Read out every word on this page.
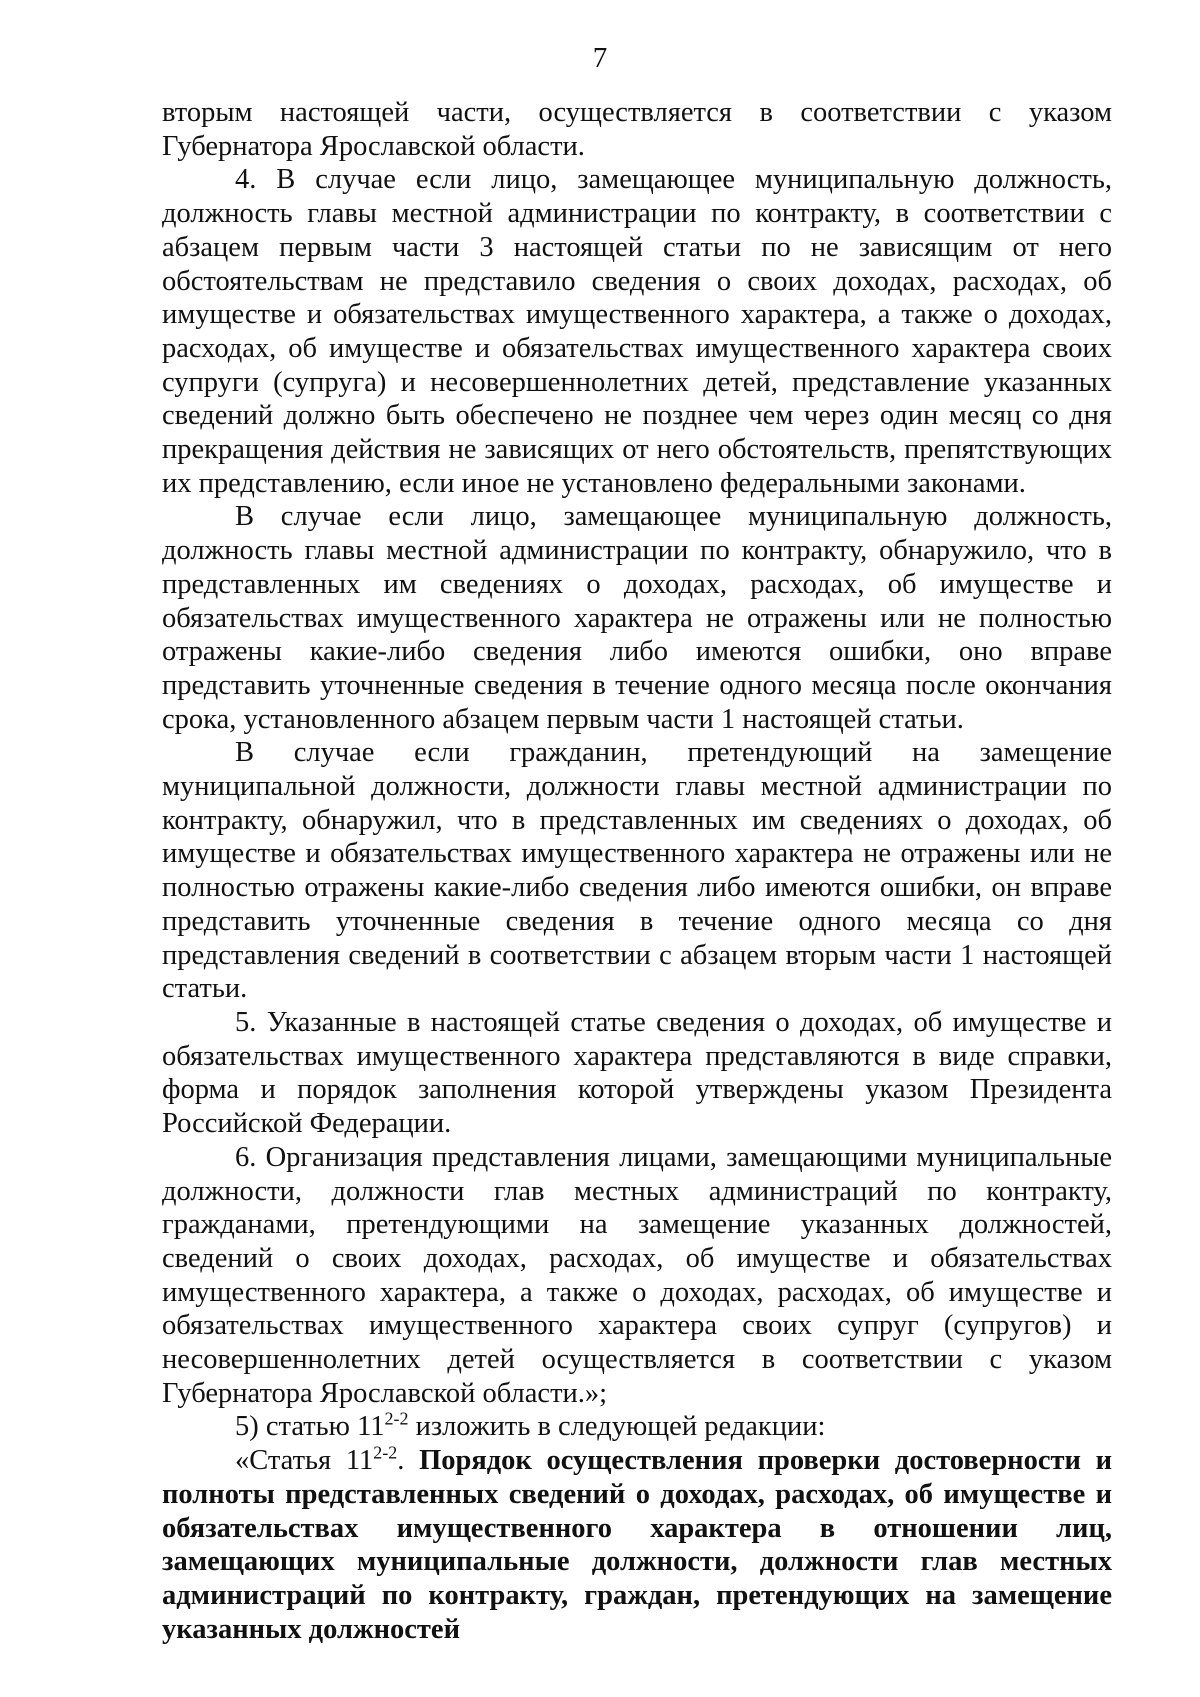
7

вторым настоящей части, осуществляется в соответствии с указом Губернатора Ярославской области.

4. В случае если лицо, замещающее муниципальную должность, должность главы местной администрации по контракту, в соответствии с абзацем первым части 3 настоящей статьи по не зависящим от него обстоятельствам не представило сведения о своих доходах, расходах, об имуществе и обязательствах имущественного характера, а также о доходах, расходах, об имуществе и обязательствах имущественного характера своих супруги (супруга) и несовершеннолетних детей, представление указанных сведений должно быть обеспечено не позднее чем через один месяц со дня прекращения действия не зависящих от него обстоятельств, препятствующих их представлению, если иное не установлено федеральными законами.

В случае если лицо, замещающее муниципальную должность, должность главы местной администрации по контракту, обнаружило, что в представленных им сведениях о доходах, расходах, об имуществе и обязательствах имущественного характера не отражены или не полностью отражены какие-либо сведения либо имеются ошибки, оно вправе представить уточненные сведения в течение одного месяца после окончания срока, установленного абзацем первым части 1 настоящей статьи.

В случае если гражданин, претендующий на замещение муниципальной должности, должности главы местной администрации по контракту, обнаружил, что в представленных им сведениях о доходах, об имуществе и обязательствах имущественного характера не отражены или не полностью отражены какие-либо сведения либо имеются ошибки, он вправе представить уточненные сведения в течение одного месяца со дня представления сведений в соответствии с абзацем вторым части 1 настоящей статьи.

5. Указанные в настоящей статье сведения о доходах, об имуществе и обязательствах имущественного характера представляются в виде справки, форма и порядок заполнения которой утверждены указом Президента Российской Федерации.

6. Организация представления лицами, замещающими муниципальные должности, должности глав местных администраций по контракту, гражданами, претендующими на замещение указанных должностей, сведений о своих доходах, расходах, об имуществе и обязательствах имущественного характера, а также о доходах, расходах, об имуществе и обязательствах имущественного характера своих супруг (супругов) и несовершеннолетних детей осуществляется в соответствии с указом Губернатора Ярославской области.»;

5) статью 11$^{2-2}$ изложить в следующей редакции:

«Статья 11$^{2-2}$. Порядок осуществления проверки достоверности и полноты представленных сведений о доходах, расходах, об имуществе и обязательствах имущественного характера в отношении лиц, замещающих муниципальные должности, должности глав местных администраций по контракту, граждан, претендующих на замещение указанных должностей
